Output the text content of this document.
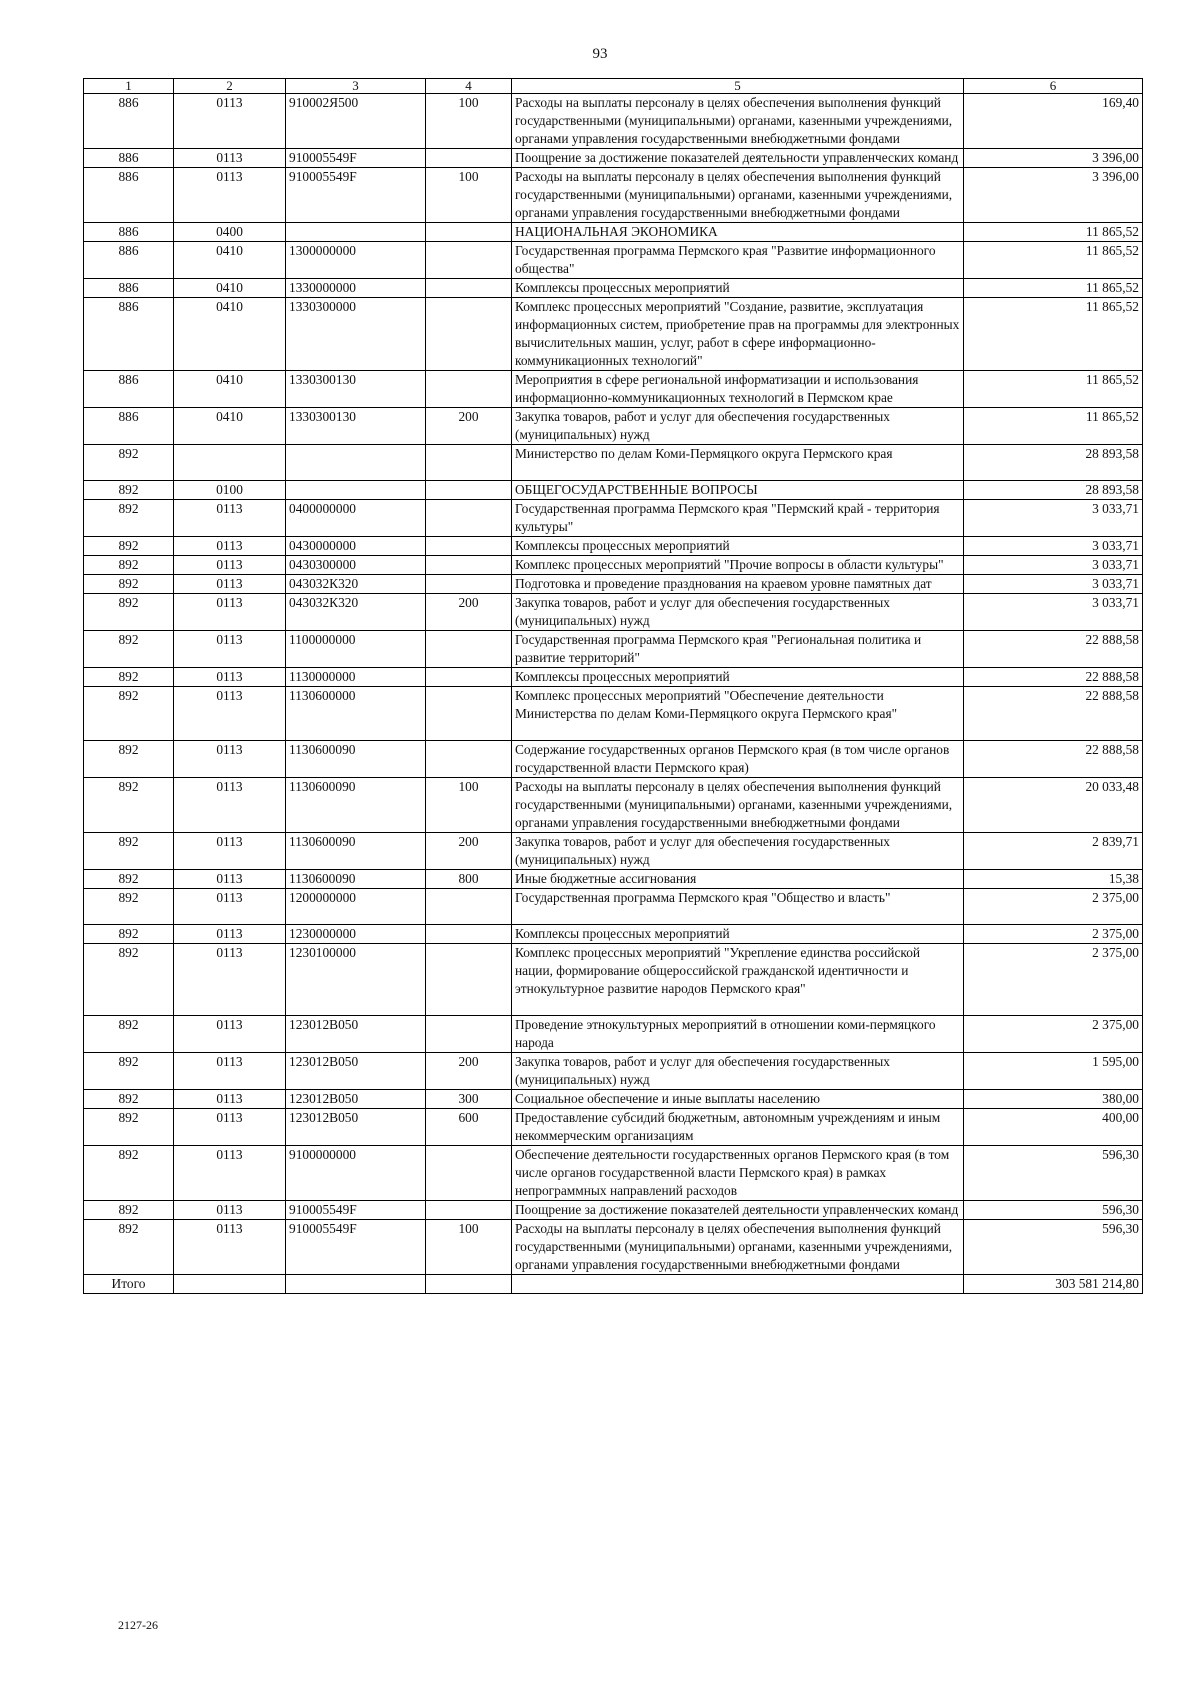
93
1	2	3	4	5	6
886	0113	910002Я500	100	Расходы на выплаты персоналу в целях обеспечения выполнения функций государственными (муниципальными) органами, казенными учреждениями, органами управления государственными внебюджетными фондами	169,40
886	0113	910005549F		Поощрение за достижение показателей деятельности управленческих команд	3 396,00
886	0113	910005549F	100	Расходы на выплаты персоналу в целях обеспечения выполнения функций государственными (муниципальными) органами, казенными учреждениями, органами управления государственными внебюджетными фондами	3 396,00
886	0400			НАЦИОНАЛЬНАЯ ЭКОНОМИКА	11 865,52
886	0410	1300000000		Государственная программа Пермского края "Развитие информационного общества"	11 865,52
886	0410	1330000000		Комплексы процессных мероприятий	11 865,52
886	0410	1330300000		Комплекс процессных мероприятий "Создание, развитие, эксплуатация информационных систем, приобретение прав на программы для электронных вычислительных машин, услуг, работ в сфере информационно-коммуникационных технологий"	11 865,52
886	0410	1330300130		Мероприятия в сфере региональной информатизации и использования информационно-коммуникационных технологий в Пермском крае	11 865,52
886	0410	1330300130	200	Закупка товаров, работ и услуг для обеспечения государственных (муниципальных) нужд	11 865,52
892				Министерство по делам Коми-Пермяцкого округа Пермского края	28 893,58
892	0100			ОБЩЕГОСУДАРСТВЕННЫЕ ВОПРОСЫ	28 893,58
892	0113	0400000000		Государственная программа Пермского края "Пермский край - территория культуры"	3 033,71
892	0113	0430000000		Комплексы процессных мероприятий	3 033,71
892	0113	0430300000		Комплекс процессных мероприятий "Прочие вопросы в области культуры"	3 033,71
892	0113	043032К320		Подготовка и проведение празднования на краевом уровне памятных дат	3 033,71
892	0113	043032К320	200	Закупка товаров, работ и услуг для обеспечения государственных (муниципальных) нужд	3 033,71
892	0113	1100000000		Государственная программа Пермского края "Региональная политика и развитие территорий"	22 888,58
892	0113	1130000000		Комплексы процессных мероприятий	22 888,58
892	0113	1130600000		Комплекс процессных мероприятий "Обеспечение деятельности Министерства по делам Коми-Пермяцкого округа Пермского края"	22 888,58
892	0113	1130600090		Содержание государственных органов Пермского края (в том числе органов государственной власти Пермского края)	22 888,58
892	0113	1130600090	100	Расходы на выплаты персоналу в целях обеспечения выполнения функций государственными (муниципальными) органами, казенными учреждениями, органами управления государственными внебюджетными фондами	20 033,48
892	0113	1130600090	200	Закупка товаров, работ и услуг для обеспечения государственных (муниципальных) нужд	2 839,71
892	0113	1130600090	800	Иные бюджетные ассигнования	15,38
892	0113	1200000000		Государственная программа Пермского края "Общество и власть"	2 375,00
892	0113	1230000000		Комплексы процессных мероприятий	2 375,00
892	0113	1230100000		Комплекс процессных мероприятий "Укрепление единства российской нации, формирование общероссийской гражданской идентичности и этнокультурное развитие народов Пермского края"	2 375,00
892	0113	123012В050		Проведение этнокультурных мероприятий в отношении коми-пермяцкого народа	2 375,00
892	0113	123012В050	200	Закупка товаров, работ и услуг для обеспечения государственных (муниципальных) нужд	1 595,00
892	0113	123012В050	300	Социальное обеспечение и иные выплаты населению	380,00
892	0113	123012В050	600	Предоставление субсидий бюджетным, автономным учреждениям и иным некоммерческим организациям	400,00
892	0113	9100000000		Обеспечение деятельности государственных органов Пермского края (в том числе органов государственной власти Пермского края) в рамках непрограммных направлений расходов	596,30
892	0113	910005549F		Поощрение за достижение показателей деятельности управленческих команд	596,30
892	0113	910005549F	100	Расходы на выплаты персоналу в целях обеспечения выполнения функций государственными (муниципальными) органами, казенными учреждениями, органами управления государственными внебюджетными фондами	596,30
Итого					303 581 214,80
2127-26
